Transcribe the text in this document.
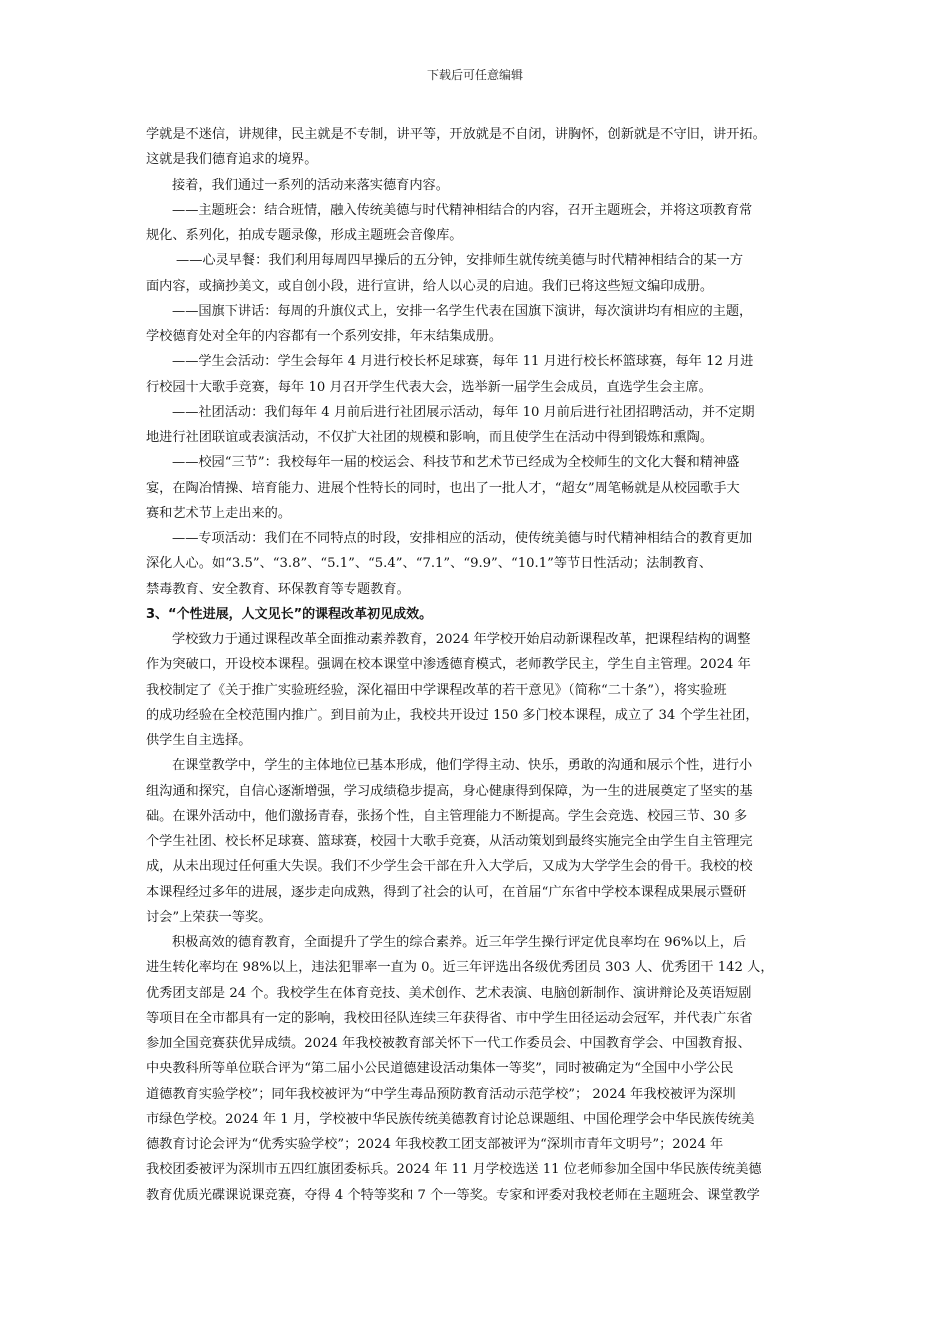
下载后可任意编辑
学就是不迷信，讲规律，民主就是不专制，讲平等，开放就是不自闭，讲胸怀，创新就是不守旧，讲开拓。
这就是我们德育追求的境界。
接着，我们通过一系列的活动来落实德育内容。
——主题班会：结合班情，融入传统美德与时代精神相结合的内容，召开主题班会，并将这项教育常
规化、系列化，拍成专题录像，形成主题班会音像库。
——心灵早餐：我们利用每周四早操后的五分钟，安排师生就传统美德与时代精神相结合的某一方
面内容，或摘抄美文，或自创小段，进行宣讲，给人以心灵的启迪。我们已将这些短文编印成册。
——国旗下讲话：每周的升旗仪式上，安排一名学生代表在国旗下演讲，每次演讲均有相应的主题，
学校德育处对全年的内容都有一个系列安排，年末结集成册。
——学生会活动：学生会每年 4 月进行校长杯足球赛，每年 11 月进行校长杯篮球赛，每年 12 月进
行校园十大歌手竞赛，每年 10 月召开学生代表大会，选举新一届学生会成员，直选学生会主席。
——社团活动：我们每年 4 月前后进行社团展示活动，每年 10 月前后进行社团招聘活动，并不定期
地进行社团联谊或表演活动，不仅扩大社团的规模和影响，而且使学生在活动中得到锻炼和熏陶。
——校园“三节”：我校每年一届的校运会、科技节和艺术节已经成为全校师生的文化大餐和精神盛
宴，在陶冶情操、培育能力、进展个性特长的同时，也出了一批人才，“超女”周笔畅就是从校园歌手大
赛和艺术节上走出来的。
——专项活动：我们在不同特点的时段，安排相应的活动，使传统美德与时代精神相结合的教育更加
深化人心。如“3.5”、“3.8”、“5.1”、“5.4”、“7.1”、“9.9”、“10.1”等节日性活动；法制教育、
禁毒教育、安全教育、环保教育等专题教育。
3、“个性进展，人文见长”的课程改革初见成效。
学校致力于通过课程改革全面推动素养教育，2024 年学校开始启动新课程改革，把课程结构的调整
作为突破口，开设校本课程。强调在校本课堂中渗透德育模式，老师教学民主，学生自主管理。2024 年
我校制定了《关于推广实验班经验，深化福田中学课程改革的若干意见》（简称“二十条”），将实验班
的成功经验在全校范围内推广。到目前为止，我校共开设过 150 多门校本课程，成立了 34 个学生社团，
供学生自主选择。
在课堂教学中，学生的主体地位已基本形成，他们学得主动、快乐，勇敢的沟通和展示个性，进行小
组沟通和探究，自信心逐渐增强，学习成绩稳步提高，身心健康得到保障，为一生的进展奠定了坚实的基
础。在课外活动中，他们激扬青春，张扬个性，自主管理能力不断提高。学生会竞选、校园三节、30 多
个学生社团、校长杯足球赛、篮球赛，校园十大歌手竞赛，从活动策划到最终实施完全由学生自主管理完
成，从未出现过任何重大失误。我们不少学生会干部在升入大学后，又成为大学学生会的骨干。我校的校
本课程经过多年的进展，逐步走向成熟，得到了社会的认可，在首届“广东省中学校本课程成果展示暨研
讨会”上荣获一等奖。
积极高效的德育教育，全面提升了学生的综合素养。近三年学生操行评定优良率均在 96%以上，后
进生转化率均在 98%以上，违法犯罪率一直为 0。近三年评选出各级优秀团员 303 人、优秀团干 142 人，
优秀团支部是 24 个。我校学生在体育竞技、美术创作、艺术表演、电脑创新制作、演讲辩论及英语短剧
等项目在全市都具有一定的影响，我校田径队连续三年获得省、市中学生田径运动会冠军，并代表广东省
参加全国竞赛获优异成绩。2024 年我校被教育部关怀下一代工作委员会、中国教育学会、中国教育报、
中央教科所等单位联合评为“第二届小公民道德建设活动集体一等奖”，同时被确定为“全国中小学公民
道德教育实验学校”；同年我校被评为“中学生毒品预防教育活动示范学校”； 2024 年我校被评为深圳
市绿色学校。2024 年 1 月，学校被中华民族传统美德教育讨论总课题组、中国伦理学会中华民族传统美
德教育讨论会评为“优秀实验学校”；2024 年我校教工团支部被评为“深圳市青年文明号”；2024 年
我校团委被评为深圳市五四红旗团委标兵。2024 年 11 月学校选送 11 位老师参加全国中华民族传统美德
教育优质光碟课说课竞赛，夺得 4 个特等奖和 7 个一等奖。专家和评委对我校老师在主题班会、课堂教学
